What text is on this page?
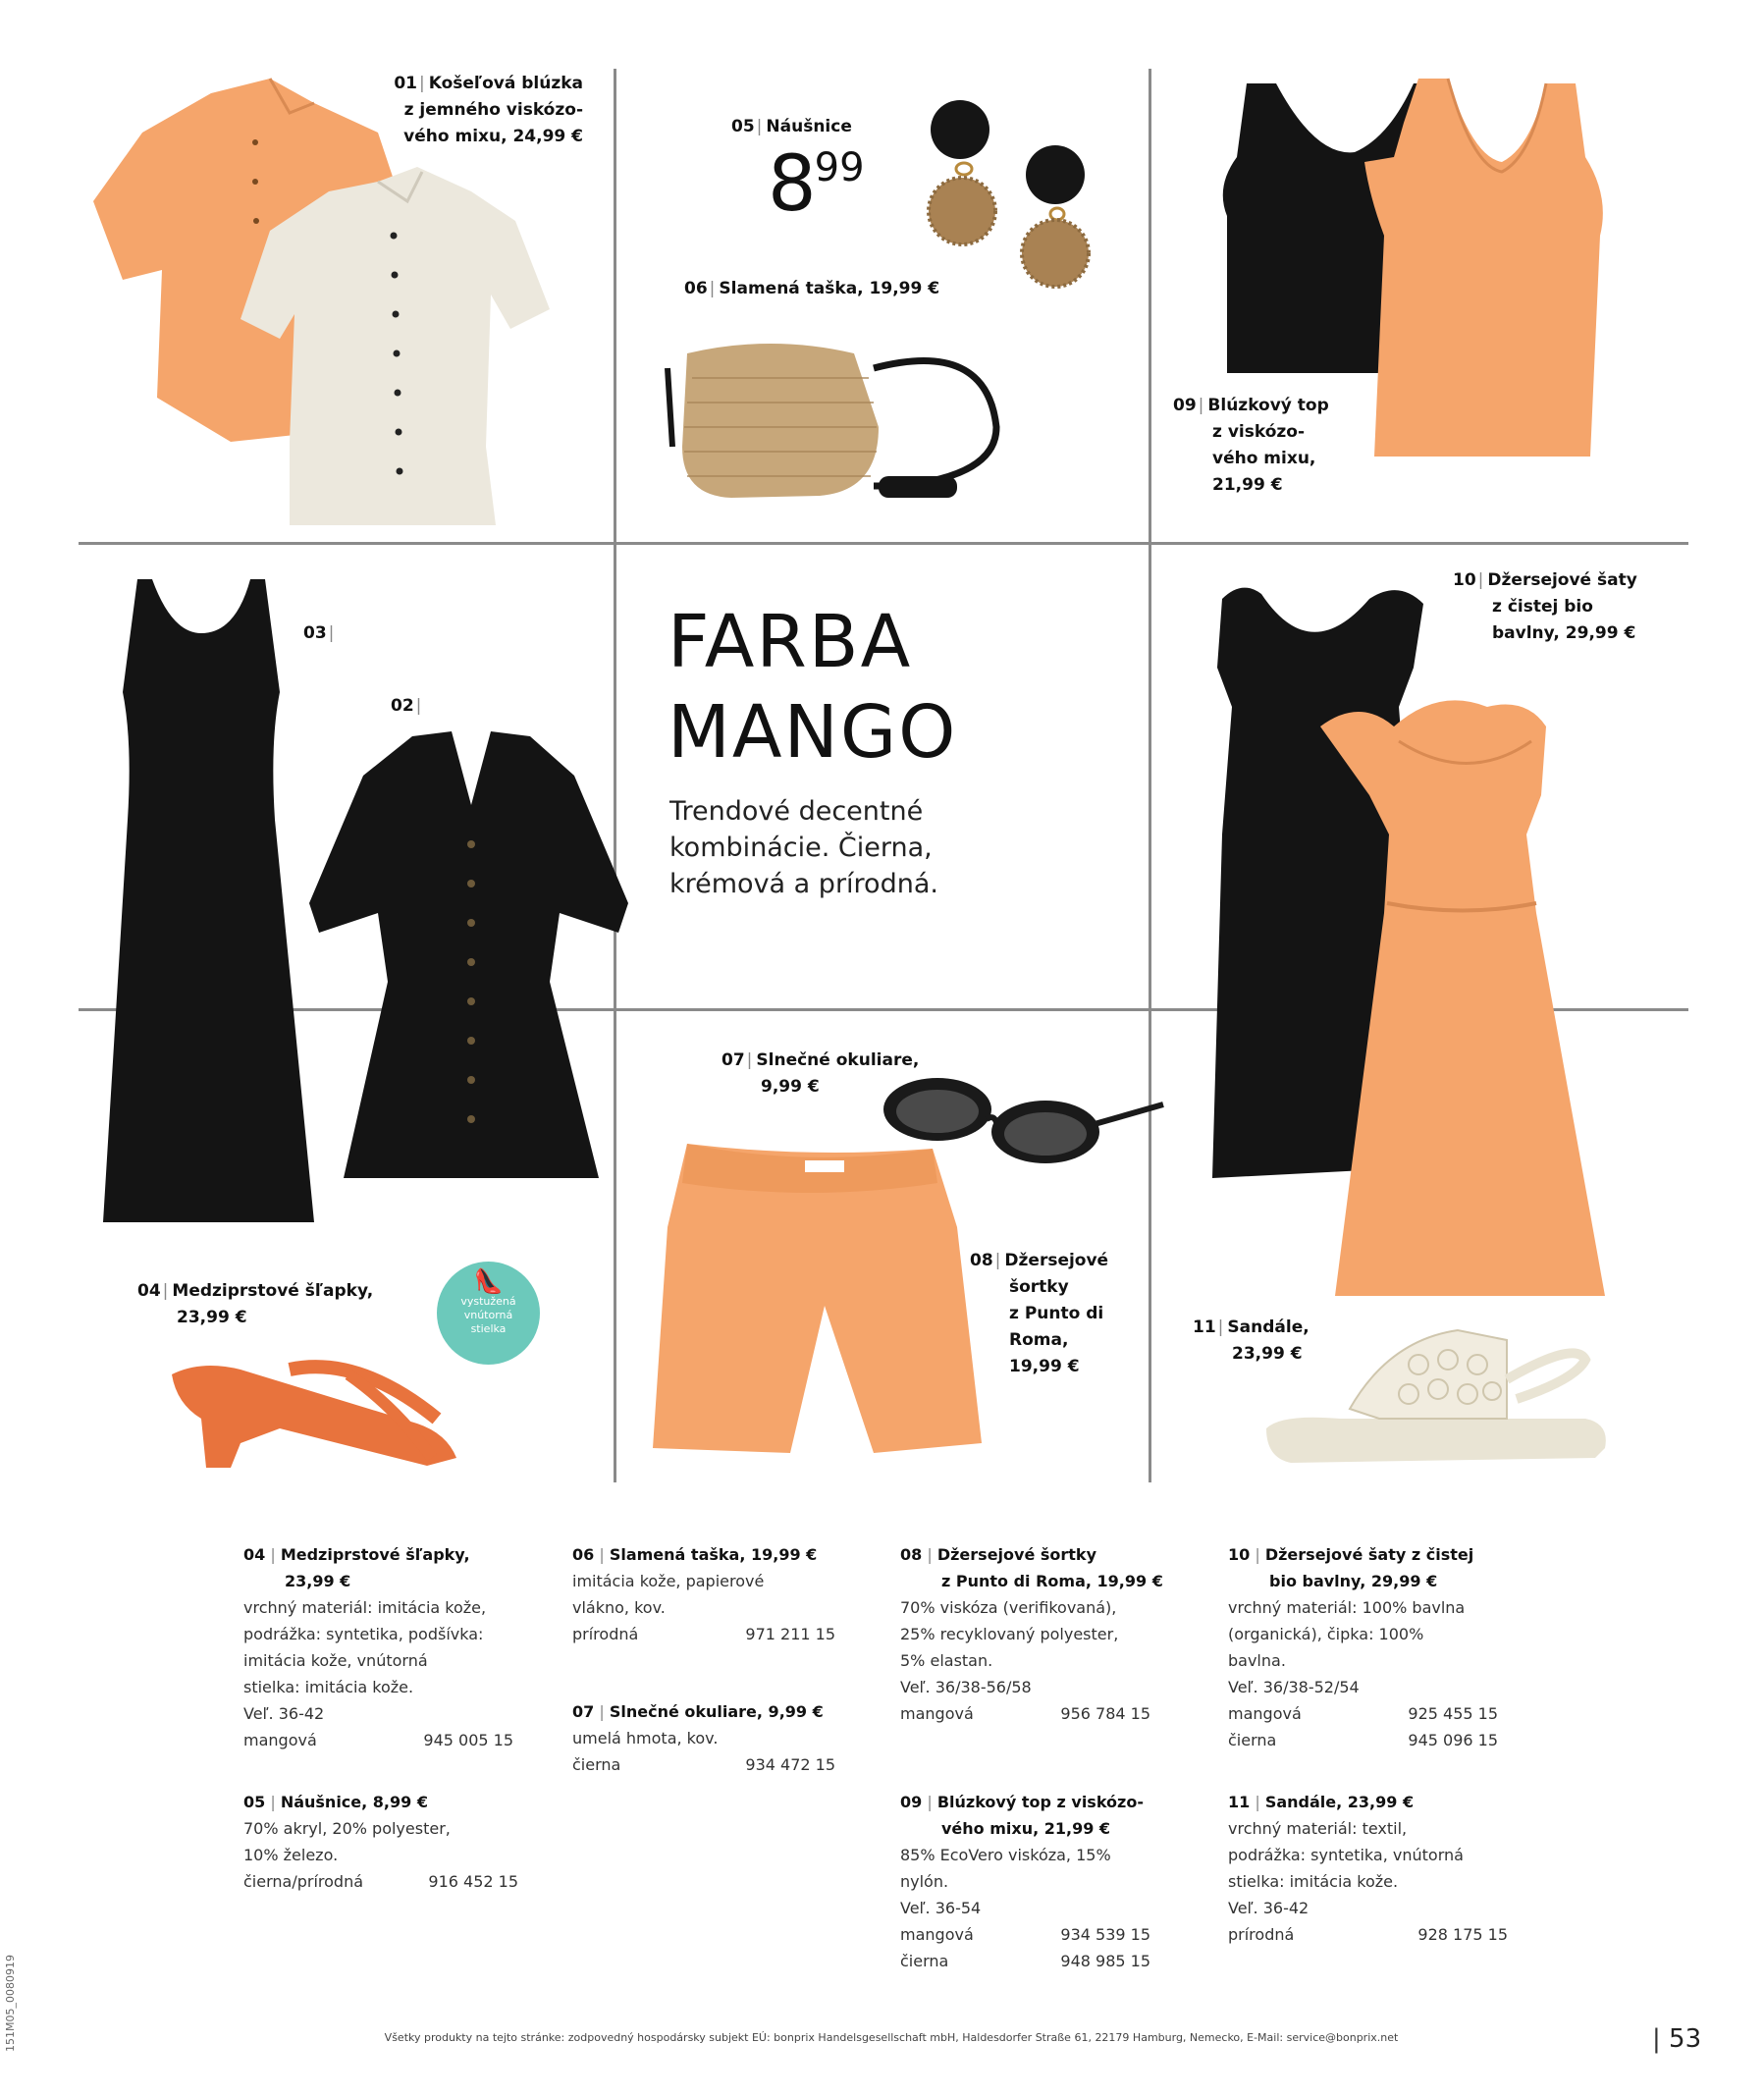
👠
vystužená
vnútorná
stielka
01 | Košeľová blúzka
z jemného viskózo-
vého mixu, 24,99 €	05 | Náušnice
$8^{99}$
06 | Slamená taška, 19,99 €
09 | Blúzkový top
z viskózo-
vého mixu,
21,99 €
03 |
02 |
FARBA
MANGO
Trendové decentné
kombinácie. Čierna,
krémová a prírodná.
10 | Džersejové šaty
z čistej bio
bavlny, 29,99 €
07 | Slnečné okuliare,
9,99 €
08 | Džersejové
šortky
z Punto di
Roma,
19,99 €
04 | Medziprstové šľapky,
23,99 €	11 | Sandále,
23,99 €
04 | Medziprstové šľapky,
23,99 €
vrchný materiál: imitácia kože,
podrážka: syntetika, podšívka:
imitácia kože, vnútorná
stielka: imitácia kože.
Veľ. 36-42
mangová	945 005 15
05 | Náušnice, 8,99 €
70% akryl, 20% polyester,
10% železo.
čierna/prírodná	916 452 15
06 | Slamená taška, 19,99 €
imitácia kože, papierové
vlákno, kov.
prírodná	971 211 15
07 | Slnečné okuliare, 9,99 €
umelá hmota, kov.
čierna	934 472 15
08 | Džersejové šortky
z Punto di Roma, 19,99 €
70% viskóza (verifikovaná),
25% recyklovaný polyester,
5% elastan.
Veľ. 36/38-56/58
mangová	956 784 15
09 | Blúzkový top z viskózo-
vého mixu, 21,99 €
85% EcoVero viskóza, 15%
nylón.
Veľ. 36-54
mangová	934 539 15
čierna	948 985 15
10 | Džersejové šaty z čistej
bio bavlny, 29,99 €
vrchný materiál: 100% bavlna
(organická), čipka: 100%
bavlna.
Veľ. 36/38-52/54
mangová	925 455 15
čierna	945 096 15
11 | Sandále, 23,99 €
vrchný materiál: textil,
podrážka: syntetika, vnútorná
stielka: imitácia kože.
Veľ. 36-42
prírodná	928 175 15
Všetky produkty na tejto stránke: zodpovedný hospodársky subjekt EÚ: bonprix Handelsgesellschaft mbH, Haldesdorfer Straße 61, 22179 Hamburg, Nemecko, E-Mail: service@bonprix.net	| 53
151M05_0080919
